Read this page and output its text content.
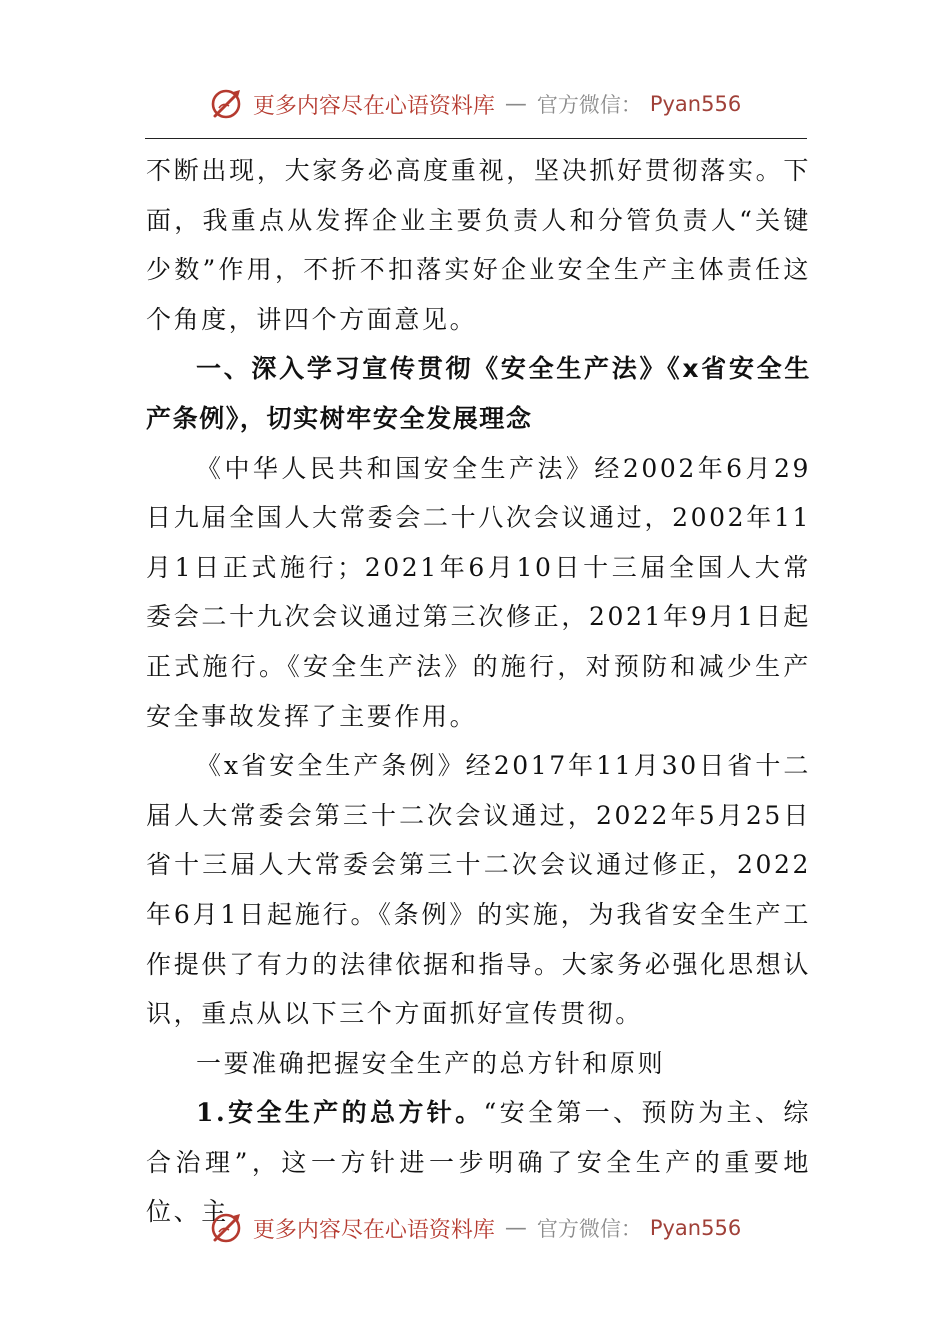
更多内容尽在心语资料库 — 官方微信： Pyan556

不断出现，大家务必高度重视，坚决抓好贯彻落实。下面，我重点从发挥企业主要负责人和分管负责人“关键少数”作用，不折不扣落实好企业安全生产主体责任这个角度，讲四个方面意见。

一、深入学习宣传贯彻《安全生产法》《x省安全生产条例》，切实树牢安全发展理念

《中华人民共和国安全生产法》经2002年6月29日九届全国人大常委会二十八次会议通过，2002年11月1日正式施行；2021年6月10日十三届全国人大常委会二十九次会议通过第三次修正，2021年9月1日起正式施行。《安全生产法》的施行，对预防和减少生产安全事故发挥了主要作用。

《x省安全生产条例》经2017年11月30日省十二届人大常委会第三十二次会议通过，2022年5月25日省十三届人大常委会第三十二次会议通过修正，2022年6月1日起施行。《条例》的实施，为我省安全生产工作提供了有力的法律依据和指导。大家务必强化思想认识，重点从以下三个方面抓好宣传贯彻。

一要准确把握安全生产的总方针和原则

1.安全生产的总方针。“安全第一、预防为主、综合治理”，这一方针进一步明确了安全生产的重要地位、主

更多内容尽在心语资料库 — 官方微信： Pyan556
